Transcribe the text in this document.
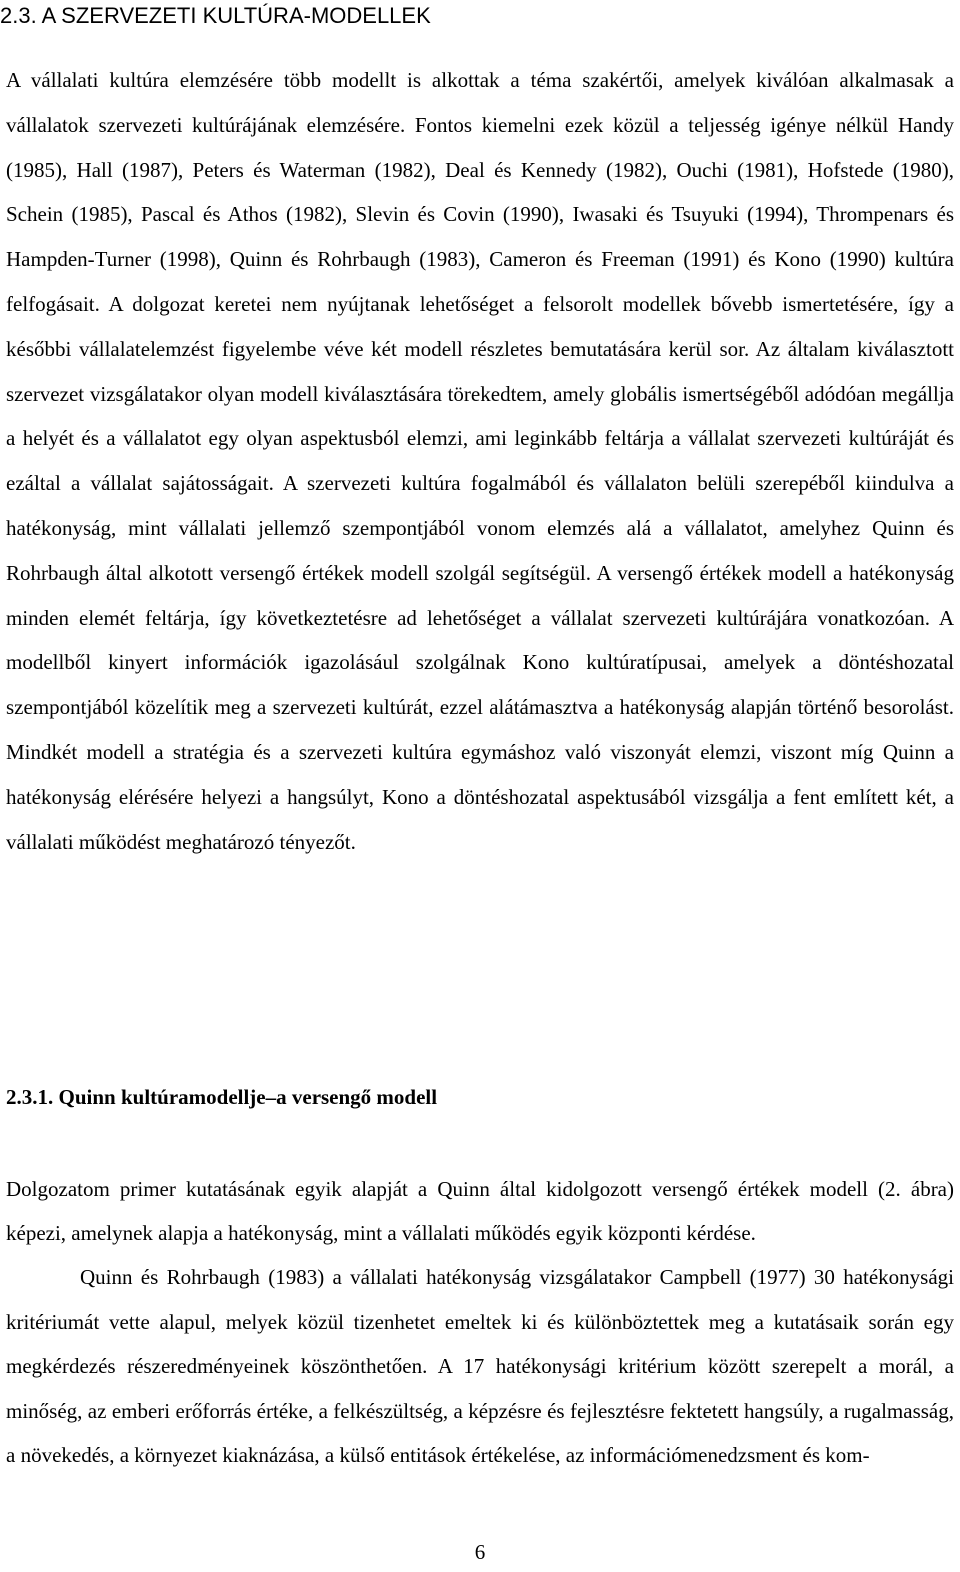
2.3. A SZERVEZETI KULTÚRA-MODELLEK

A vállalati kultúra elemzésére több modellt is alkottak a téma szakértői, amelyek kiválóan alkalmasak a vállalatok szervezeti kultúrájának elemzésére. Fontos kiemelni ezek közül a teljesség igénye nélkül Handy (1985), Hall (1987), Peters és Waterman (1982), Deal és Kennedy (1982), Ouchi (1981), Hofstede (1980), Schein (1985), Pascal és Athos (1982), Slevin és Covin (1990), Iwasaki és Tsuyuki (1994), Thrompenars és Hampden-Turner (1998), Quinn és Rohrbaugh (1983), Cameron és Freeman (1991) és Kono (1990) kultúra felfogásait. A dolgozat keretei nem nyújtanak lehetőséget a felsorolt modellek bővebb ismertetésére, így a későbbi vállalatelemzést figyelembe véve két modell részletes bemutatására kerül sor. Az általam kiválasztott szervezet vizsgálatakor olyan modell kiválasztására törekedtem, amely globális ismertségéből adódóan megállja a helyét és a vállalatot egy olyan aspektusból elemzi, ami leginkább feltárja a vállalat szervezeti kultúráját és ezáltal a vállalat sajátosságait. A szervezeti kultúra fogalmából és vállalaton belüli szerepéből kiindulva a hatékonyság, mint vállalati jellemző szempontjából vonom elemzés alá a vállalatot, amelyhez Quinn és Rohrbaugh által alkotott versengő értékek modell szolgál segítségül. A versengő értékek modell a hatékonyság minden elemét feltárja, így következtetésre ad lehetőséget a vállalat szervezeti kultúrájára vonatkozóan. A modellből kinyert információk igazolásául szolgálnak Kono kultúratípusai, amelyek a döntéshozatal szempontjából közelítik meg a szervezeti kultúrát, ezzel alátámasztva a hatékonyság alapján történő besorolást. Mindkét modell a stratégia és a szervezeti kultúra egymáshoz való viszonyát elemzi, viszont míg Quinn a hatékonyság elérésére helyezi a hangsúlyt, Kono a döntéshozatal aspektusából vizsgálja a fent említett két, a vállalati működést meghatározó tényezőt.

2.3.1. Quinn kultúramodellje–a versengő modell

Dolgozatom primer kutatásának egyik alapját a Quinn által kidolgozott versengő értékek modell (2. ábra) képezi, amelynek alapja a hatékonyság, mint a vállalati működés egyik központi kérdése.

Quinn és Rohrbaugh (1983) a vállalati hatékonyság vizsgálatakor Campbell (1977) 30 hatékonysági kritériumát vette alapul, melyek közül tizenhetet emeltek ki és különböztettek meg a kutatásaik során egy megkérdezés részeredményeinek köszönthetően. A 17 hatékonysági kritérium között szerepelt a morál, a minőség, az emberi erőforrás értéke, a felkészültség, a képzésre és fejlesztésre fektetett hangsúly, a rugalmasság, a növekedés, a környezet kiaknázása, a külső entitások értékelése, az információmenedzsment és kom-

6
